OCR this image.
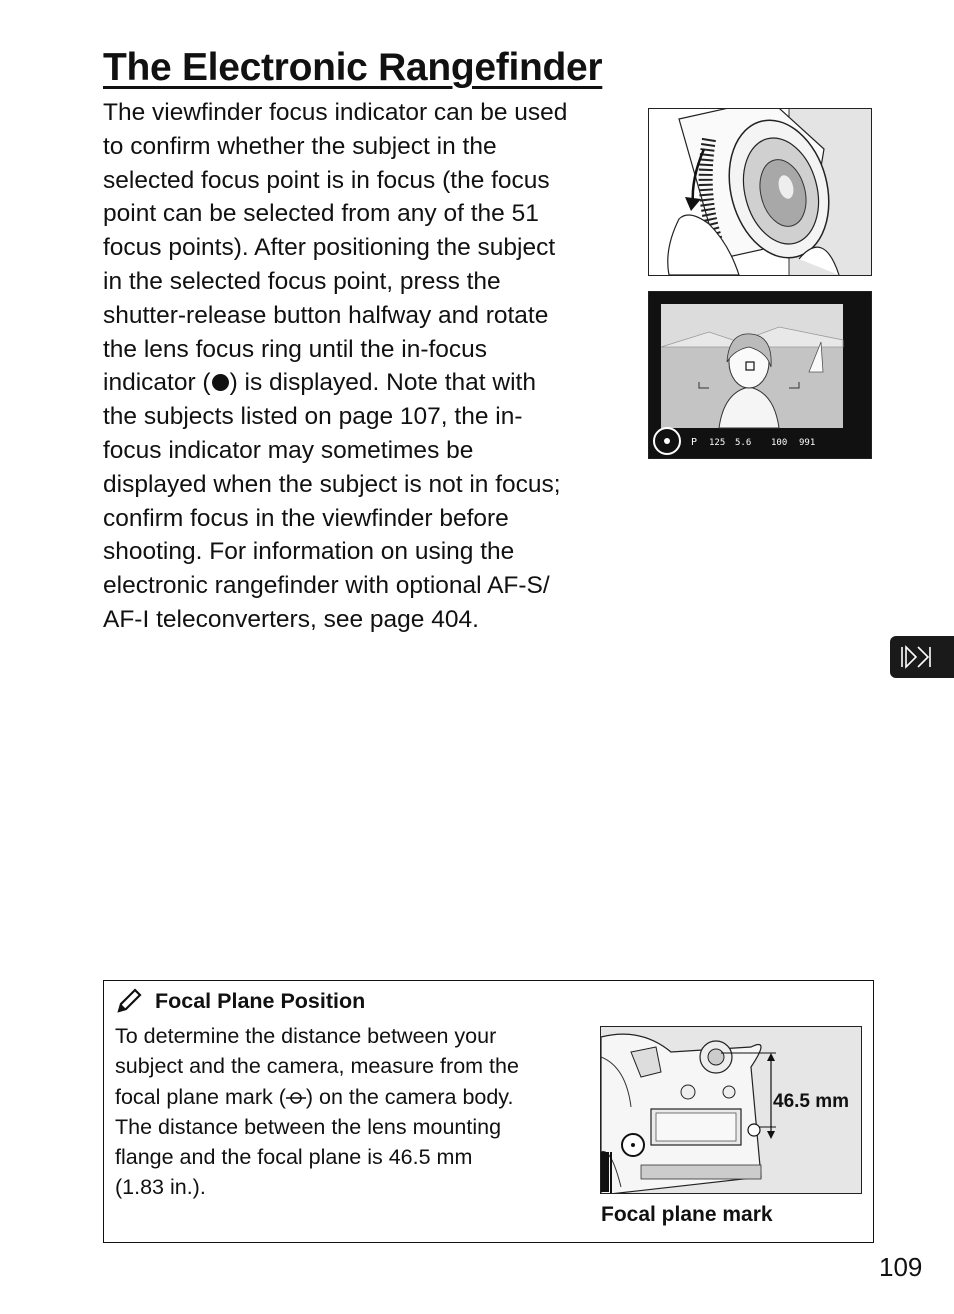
The Electronic Rangefinder
The viewfinder focus indicator can be used
to confirm whether the subject in the
selected focus point is in focus (the focus
point can be selected from any of the 51
focus points). After positioning the subject
in the selected focus point, press the
shutter-release button halfway and rotate
the lens focus ring until the in-focus
indicator ( ) is displayed. Note that with
the subjects listed on page 107, the in-
focus indicator may sometimes be
displayed when the subject is not in focus;
confirm focus in the viewfinder before
shooting. For information on using the
electronic rangefinder with optional AF-S/
AF-I teleconverters, see page 404.
P 125 5.6 100 991
Focal Plane Position
To determine the distance between your
subject and the camera, measure from the
focal plane mark ( ) on the camera body.
The distance between the lens mounting
flange and the focal plane is 46.5 mm
(1.83 in.).
46.5 mm
Focal plane mark
109
